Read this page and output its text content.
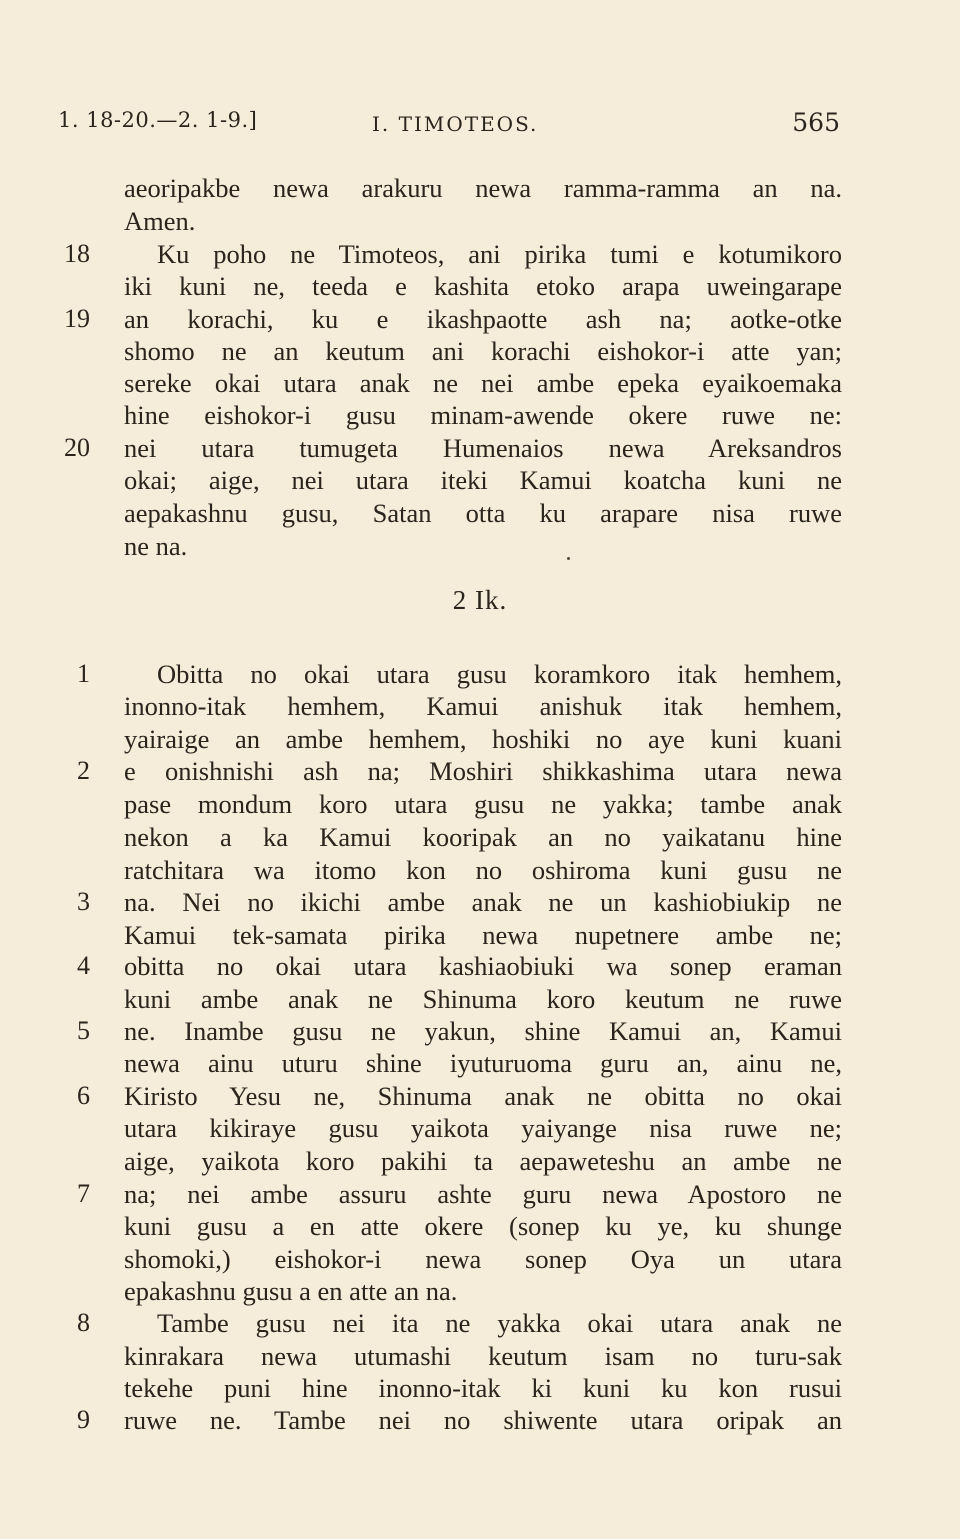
1. 18-20.—2. 1-9.]	I. TIMOTEOS.	565
aeoripakbe newa arakuru newa ramma-ramma an na.
Amen.
18	Ku poho ne Timoteos, ani pirika tumi e kotumikoro
iki kuni ne, teeda e kashita etoko arapa uweingarape
19 an korachi, ku e ikashpaotte ash na; aotke-otke
shomo ne an keutum ani korachi eishokor-i atte yan;
sereke okai utara anak ne nei ambe epeka eyaikoemaka
hine eishokor-i gusu minam-awende okere ruwe ne:
20 nei utara tumugeta Humenaios newa Areksandros
okai; aige, nei utara iteki Kamui koatcha kuni ne
aepakashnu gusu, Satan otta ku arapare nisa ruwe
ne na.
1	Obitta no okai utara gusu koramkoro itak hemhem,
inonno-itak hemhem, Kamui anishuk itak hemhem,
yairaige an ambe hemhem, hoshiki no aye kuni kuani
2 e onishnishi ash na; Moshiri shikkashima utara newa
pase mondum koro utara gusu ne yakka; tambe anak
nekon a ka Kamui kooripak an no yaikatanu hine
ratchitara wa itomo kon no oshiroma kuni gusu ne
3 na. Nei no ikichi ambe anak ne un kashiobiukip ne
Kamui tek-samata pirika newa nupetnere ambe ne;
4 obitta no okai utara kashiaobiuki wa sonep eraman
kuni ambe anak ne Shinuma koro keutum ne ruwe
5 ne. Inambe gusu ne yakun, shine Kamui an, Kamui
newa ainu uturu shine iyuturuoma guru an, ainu ne,
6 Kiristo Yesu ne, Shinuma anak ne obitta no okai
utara kikiraye gusu yaikota yaiyange nisa ruwe ne;
aige, yaikota koro pakihi ta aepaweteshu an ambe ne
7 na; nei ambe assuru ashte guru newa Apostoro ne
kuni gusu a en atte okere (sonep ku ye, ku shunge
shomoki,) eishokor-i newa sonep Oya un utara
epakashnu gusu a en atte an na.
8	Tambe gusu nei ita ne yakka okai utara anak ne
kinrakara newa utumashi keutum isam no turu-sak
tekehe puni hine inonno-itak ki kuni ku kon rusui
9 ruwe ne. Tambe nei no shiwente utara oripak an
2 Ik.
